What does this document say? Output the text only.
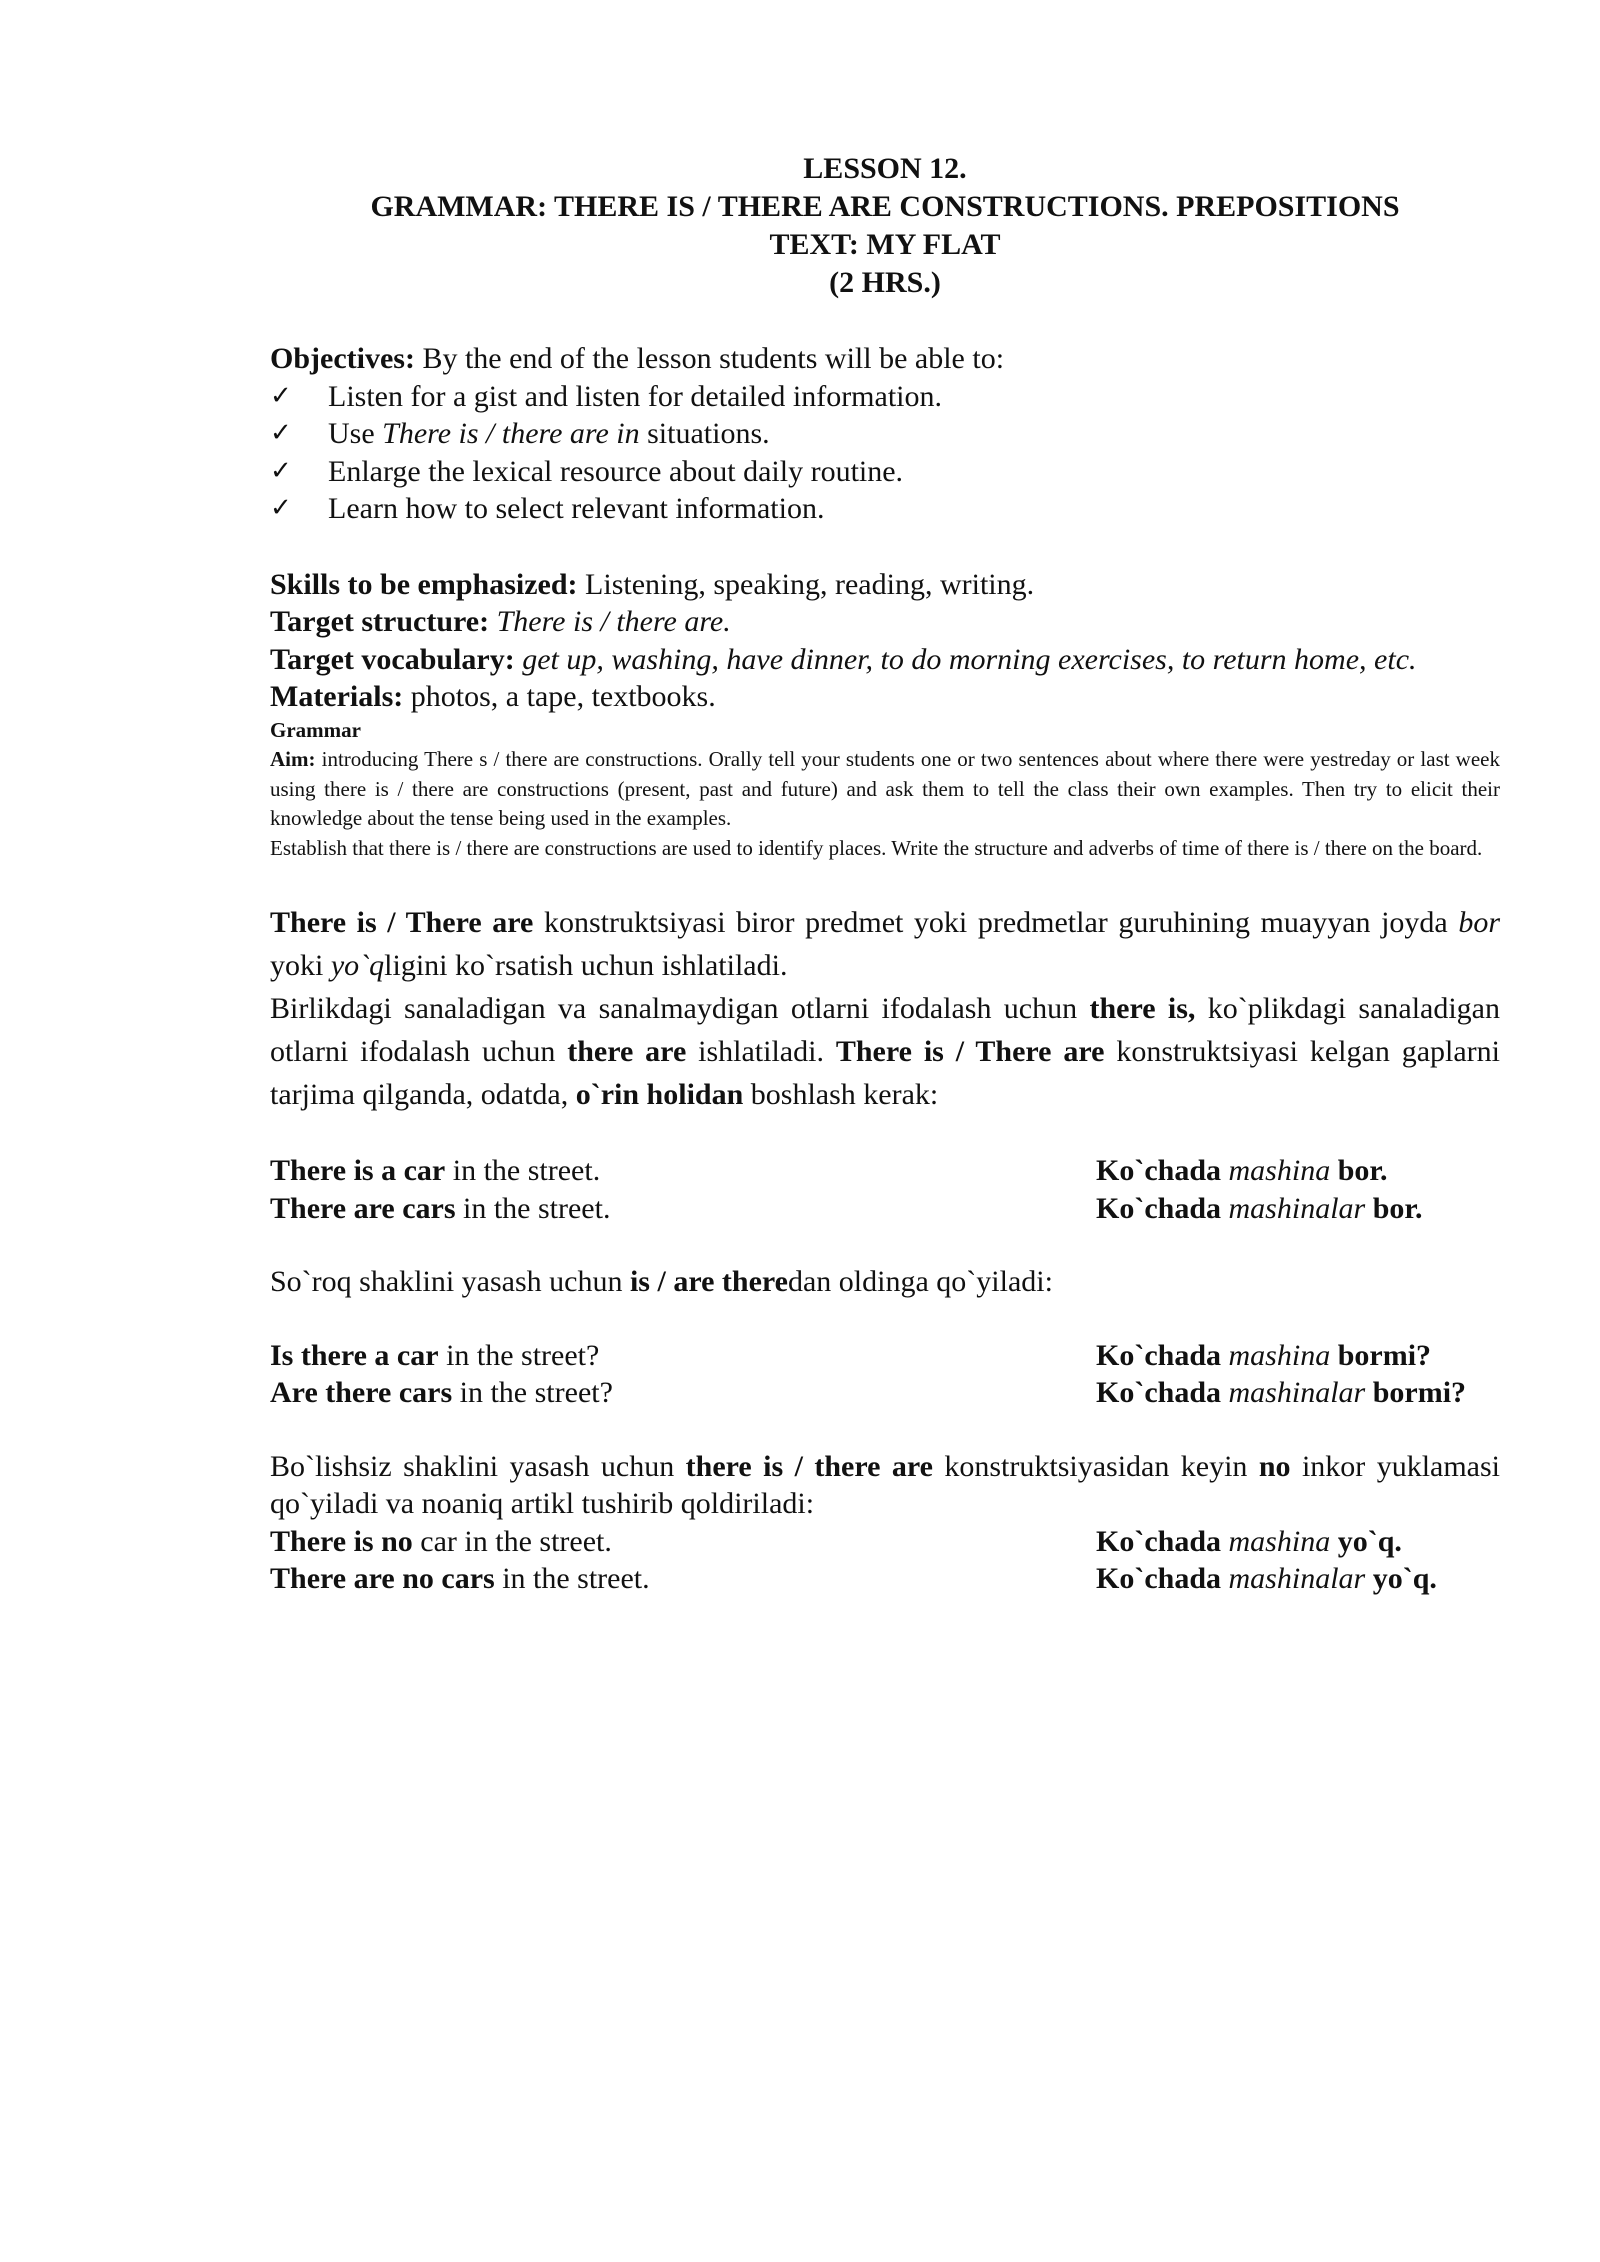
LESSON 12.
GRAMMAR: THERE IS / THERE ARE CONSTRUCTIONS. PREPOSITIONS
TEXT: MY FLAT
(2 HRS.)
Objectives: By the end of the lesson students will be able to:
✓	Listen for a gist and listen for detailed information.
✓	Use There is / there are in situations.
✓	Enlarge the lexical resource about daily routine.
✓	Learn how to select relevant information.
Skills to be emphasized: Listening, speaking, reading, writing.
Target structure: There is / there are.
Target vocabulary: get up, washing, have dinner, to do morning exercises, to return home, etc.
Materials: photos, a tape, textbooks.
Grammar
Aim: introducing There s / there are constructions. Orally tell your students one or two sentences about where there were yestreday or last week using there is / there are constructions (present, past and future) and ask them to tell the class their own examples. Then try to elicit their knowledge about the tense being used in the examples.
Establish that there is / there are constructions are used to identify places. Write the structure and adverbs of time of there is / there on the board.
There is / There are konstruktsiyasi biror predmet yoki predmetlar guruhining muayyan joyda bor yoki yo`qligini ko`rsatish uchun ishlatiladi.
Birlikdagi sanaladigan va sanalmaydigan otlarni ifodalash uchun there is, ko`plikdagi sanaladigan otlarni ifodalash uchun there are ishlatiladi. There is / There are konstruktsiyasi kelgan gaplarni tarjima qilganda, odatda, o`rin holidan boshlash kerak:
There is a car in the street.	Ko`chada mashina bor.
There are cars in the street.	Ko`chada mashinalar bor.
So`roq shaklini yasash uchun is / are theredan oldinga qo`yiladi:
Is there a car in the street?	Ko`chada mashina bormi?
Are there cars in the street?	Ko`chada mashinalar bormi?
Bo`lishsiz shaklini yasash uchun there is / there are konstruktsiyasidan keyin no inkor yuklamasi qo`yiladi va noaniq artikl tushirib qoldiriladi:
There is no car in the street.	Ko`chada mashina yo`q.
There are no cars in the street.	Ko`chada mashinalar yo`q.
